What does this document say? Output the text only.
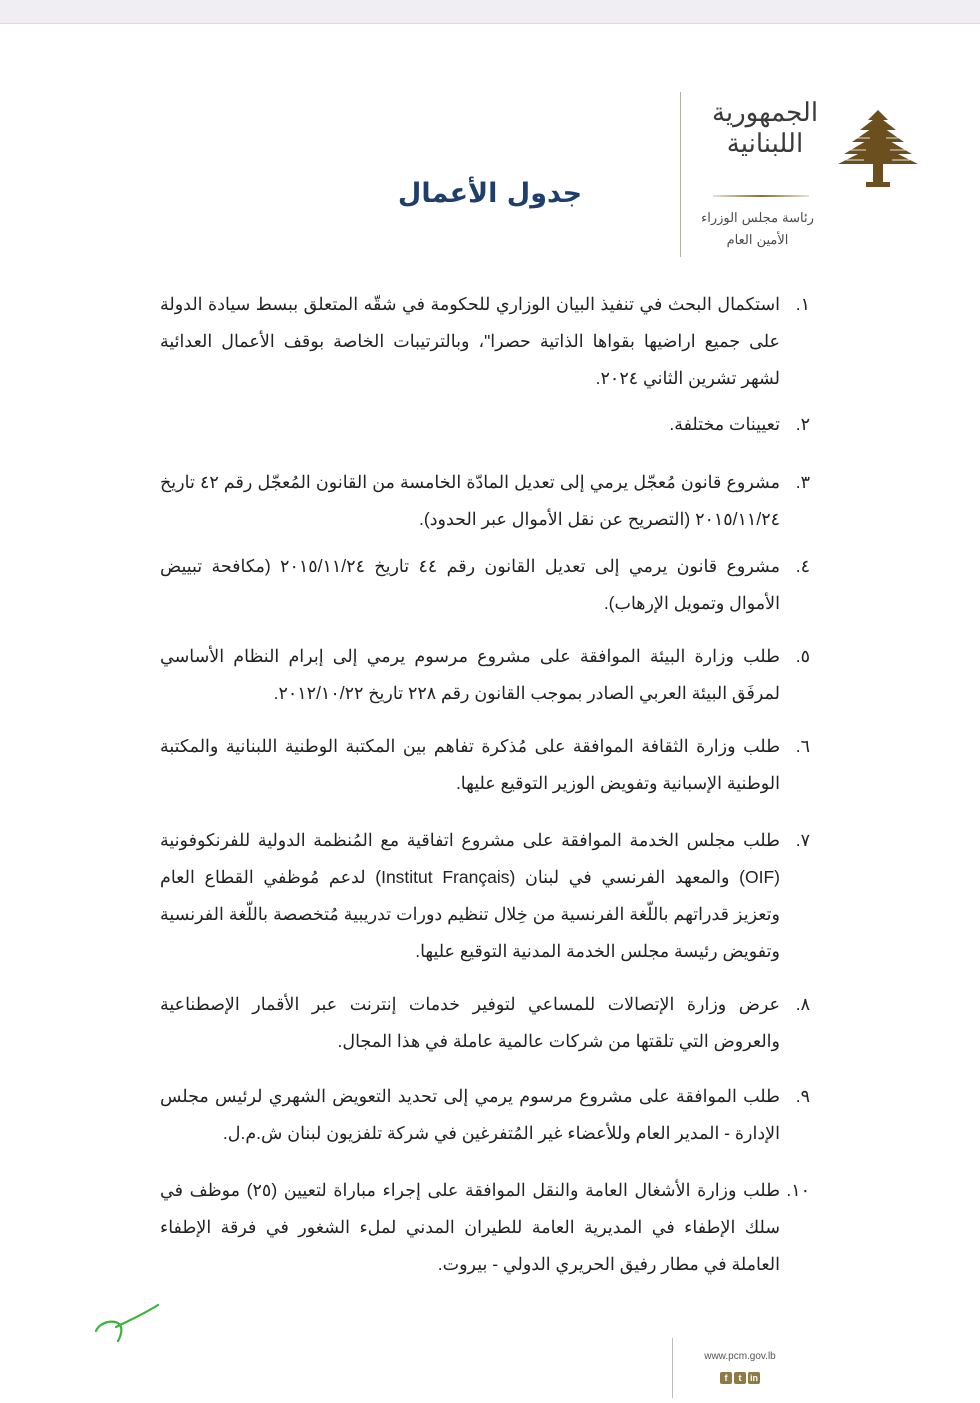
الجمهورية
اللبنانية
رئاسة مجلس الوزراء
الأمين العام
جدول الأعمال
١.
استكمال البحث في تنفيذ البيان الوزاري للحكومة في شقّه المتعلق ببسط سيادة الدولة على جميع اراضيها بقواها الذاتية حصرا"، وبالترتيبات الخاصة بوقف الأعمال العدائية لشهر تشرين الثاني ٢٠٢٤.
٢.
تعيينات مختلفة.
٣.
مشروع قانون مُعجّل يرمي إلى تعديل المادّة الخامسة من القانون المُعجّل رقم ٤٢ تاريخ ٢٠١٥/١١/٢٤ (التصريح عن نقل الأموال عبر الحدود).
٤.
مشروع قانون يرمي إلى تعديل القانون رقم ٤٤ تاريخ ٢٠١٥/١١/٢٤ (مكافحة تبييض الأموال وتمويل الإرهاب).
٥.
طلب وزارة البيئة الموافقة على مشروع مرسوم يرمي إلى إبرام النظام الأساسي لمرفَق البيئة العربي الصادر بموجب القانون رقم ٢٢٨ تاريخ ٢٠١٢/١٠/٢٢.
٦.
طلب وزارة الثقافة الموافقة على مُذكرة تفاهم بين المكتبة الوطنية اللبنانية والمكتبة الوطنية الإسبانية وتفويض الوزير التوقيع عليها.
٧.
طلب مجلس الخدمة الموافقة على مشروع اتفاقية مع المُنظمة الدولية للفرنكوفونية (OIF) والمعهد الفرنسي في لبنان (Institut Français) لدعم مُوظفي القطاع العام وتعزيز قدراتهم باللّغة الفرنسية من خِلال تنظيم دورات تدريبية مُتخصصة باللّغة الفرنسية وتفويض رئيسة مجلس الخدمة المدنية التوقيع عليها.
٨.
عرض وزارة الإتصالات للمساعي لتوفير خدمات إنترنت عبر الأقمار الإصطناعية والعروض التي تلقتها من شركات عالمية عاملة في هذا المجال.
٩.
طلب الموافقة على مشروع مرسوم يرمي إلى تحديد التعويض الشهري لرئيس مجلس الإدارة - المدير العام وللأعضاء غير المُتفرغين في شركة تلفزيون لبنان ش.م.ل.
١٠.
طلب وزارة الأشغال العامة والنقل الموافقة على إجراء مباراة لتعيين (٢٥) موظف في سلك الإطفاء في المديرية العامة للطيران المدني لملء الشغور في فرقة الإطفاء العاملة في مطار رفيق الحريري الدولي - بيروت.
www.pcm.gov.lb
f	t in
